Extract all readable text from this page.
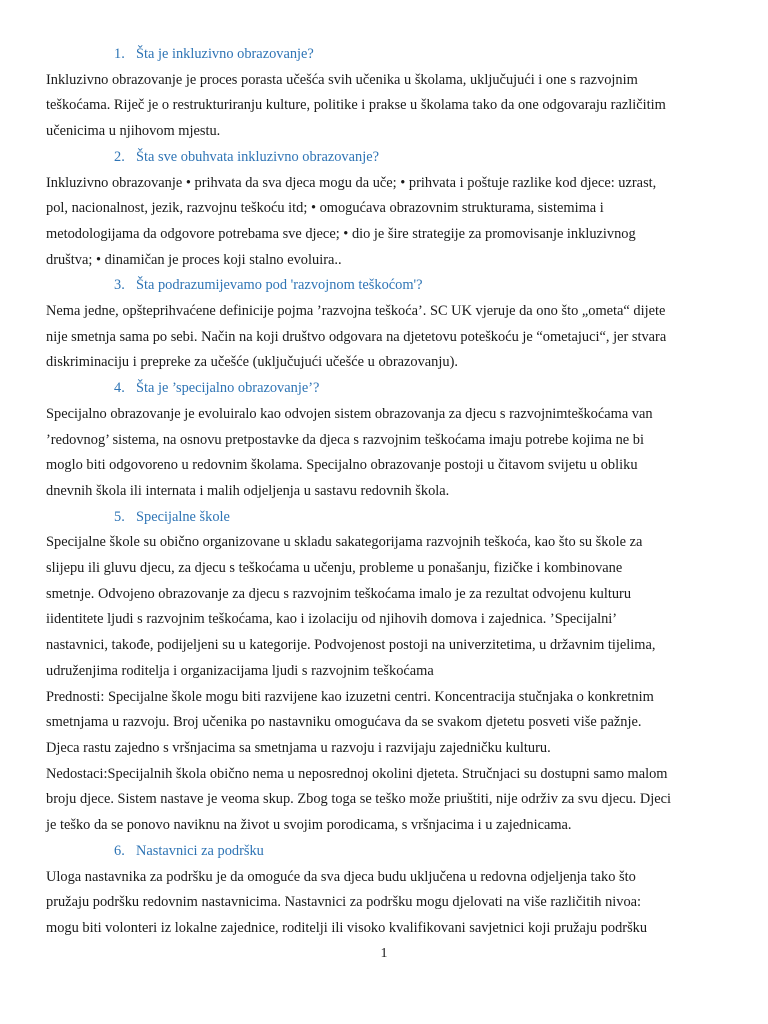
1. Šta je inkluzivno obrazovanje?

Inkluzivno obrazovanje je proces porasta učešća svih učenika u školama, uključujući i one s razvojnim
teškoćama. Riječ je o restrukturiranju kulture, politike i prakse u školama tako da one odgovaraju različitim
učenicima u njihovom mjestu.

2. Šta sve obuhvata inkluzivno obrazovanje?

Inkluzivno obrazovanje • prihvata da sva djeca mogu da uče; • prihvata i poštuje razlike kod djece: uzrast,
pol, nacionalnost, jezik, razvojnu teškoću itd; • omogućava obrazovnim strukturama, sistemima i
metodologijama da odgovore potrebama sve djece; • dio je šire strategije za promovisanje inkluzivnog
društva; • dinamičan je proces koji stalno evoluira..

3. Šta podrazumijevamo pod 'razvojnom teškoćom'?

Nema jedne, opšteprihvaćene definicije pojma ’razvojna teškoća’. SC UK vjeruje da ono što „ometa“ dijete
nije smetnja sama po sebi. Način na koji društvo odgovara na djetetovu poteškoću je “ometajuci“, jer stvara
diskriminaciju i prepreke za učešće (uključujući učešće u obrazovanju).

4. Šta je ’specijalno obrazovanje’?

Specijalno obrazovanje je evoluiralo kao odvojen sistem obrazovanja za djecu s razvojnimteškoćama van
’redovnog’ sistema, na osnovu pretpostavke da djeca s razvojnim teškoćama imaju potrebe kojima ne bi
moglo biti odgovoreno u redovnim školama. Specijalno obrazovanje postoji u čitavom svijetu u obliku
dnevnih škola ili internata i malih odjeljenja u sastavu redovnih škola.

5. Specijalne škole

Specijalne škole su obično organizovane u skladu sakategorijama razvojnih teškoća, kao što su škole za
slijepu ili gluvu djecu, za djecu s teškoćama u učenju, probleme u ponašanju, fizičke i kombinovane
smetnje. Odvojeno obrazovanje za djecu s razvojnim teškoćama imalo je za rezultat odvojenu kulturu
iidentitete ljudi s razvojnim teškoćama, kao i izolaciju od njihovih domova i zajednica. ’Specijalni’
nastavnici, takođe, podijeljeni su u kategorije. Podvojenost postoji na univerzitetima, u državnim tijelima,
udruženjima roditelja i organizacijama ljudi s razvojnim teškoćama

Prednosti: Specijalne škole mogu biti razvijene kao izuzetni centri. Koncentracija stučnjaka o konkretnim
smetnjama u razvoju. Broj učenika po nastavniku omogućava da se svakom djetetu posveti više pažnje.
Djeca rastu zajedno s vršnjacima sa smetnjama u razvoju i razvijaju zajedničku kulturu.

Nedostaci:Specijalnih škola obično nema u neposrednoj okolini djeteta. Stručnjaci su dostupni samo malom
broju djece. Sistem nastave je veoma skup. Zbog toga se teško može priuštiti, nije održiv za svu djecu. Djeci
je teško da se ponovo naviknu na život u svojim porodicama, s vršnjacima i u zajednicama.

6. Nastavnici za podršku

Uloga nastavnika za podršku je da omoguće da sva djeca budu uključena u redovna odjeljenja tako što
pružaju podršku redovnim nastavnicima. Nastavnici za podršku mogu djelovati na više različitih nivoa:
mogu biti volonteri iz lokalne zajednice, roditelji ili visoko kvalifikovani savjetnici koji pružaju podršku

1
